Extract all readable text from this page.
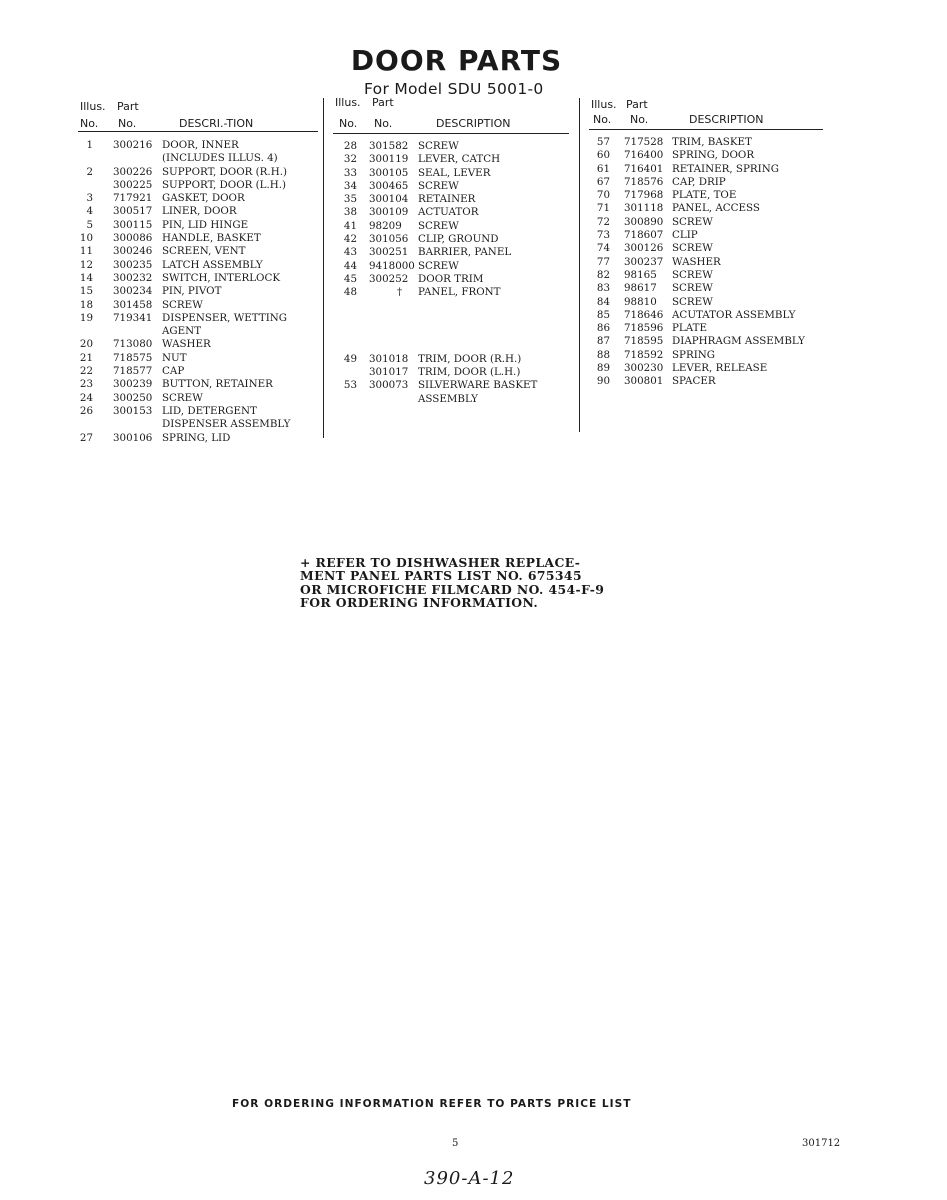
DOOR PARTS
For Model SDU 5001-0
Illus. Part
No. No.	DESCRI.-TION
1 300216 DOOR, INNER
(INCLUDES ILLUS. 4)
2 300226 SUPPORT, DOOR (R.H.)
300225 SUPPORT, DOOR (L.H.)
3 717921 GASKET, DOOR
4 300517 LINER, DOOR
5 300115 PIN, LID HINGE
10 300086 HANDLE, BASKET
11 300246 SCREEN, VENT
12 300235 LATCH ASSEMBLY
14 300232 SWITCH, INTERLOCK
15 300234 PIN, PIVOT
18 301458 SCREW
19 719341 DISPENSER, WETTING
AGENT
20 713080 WASHER
21 718575 NUT
22 718577 CAP
23 300239 BUTTON, RETAINER
24 300250 SCREW
26 300153 LID, DETERGENT
DISPENSER ASSEMBLY
27 300106 SPRING, LID
Illus. Part
No. No.	DESCRIPTION
28 301582 SCREW
32 300119 LEVER, CATCH
33 300105 SEAL, LEVER
34 300465 SCREW
35 300104 RETAINER
38 300109 ACTUATOR
41 98209 SCREW
42 301056 CLIP, GROUND
43 300251 BARRIER, PANEL
44 9418000 SCREW
45 300252 DOOR TRIM
48	† PANEL, FRONT
49 301018 TRIM, DOOR (R.H.)
301017 TRIM, DOOR (L.H.)
53 300073 SILVERWARE BASKET
ASSEMBLY
Illus. Part
No. No.	DESCRIPTION
57 717528 TRIM, BASKET
60 716400 SPRING, DOOR
61 716401 RETAINER, SPRING
67 718576 CAP, DRIP
70 717968 PLATE, TOE
71 301118 PANEL, ACCESS
72 300890 SCREW
73 718607 CLIP
74 300126 SCREW
77 300237 WASHER
82 98165 SCREW
83 98617 SCREW
84 98810 SCREW
85 718646 ACUTATOR ASSEMBLY
86 718596 PLATE
87 718595 DIAPHRAGM ASSEMBLY
88 718592 SPRING
89 300230 LEVER, RELEASE
90 300801 SPACER
+ REFER TO DISHWASHER REPLACE-
MENT PANEL PARTS LIST NO. 675345
OR MICROFICHE FILMCARD NO. 454-F-9
FOR ORDERING INFORMATION.
FOR ORDERING INFORMATION REFER TO PARTS PRICE LIST
5	301712
390-A-12
